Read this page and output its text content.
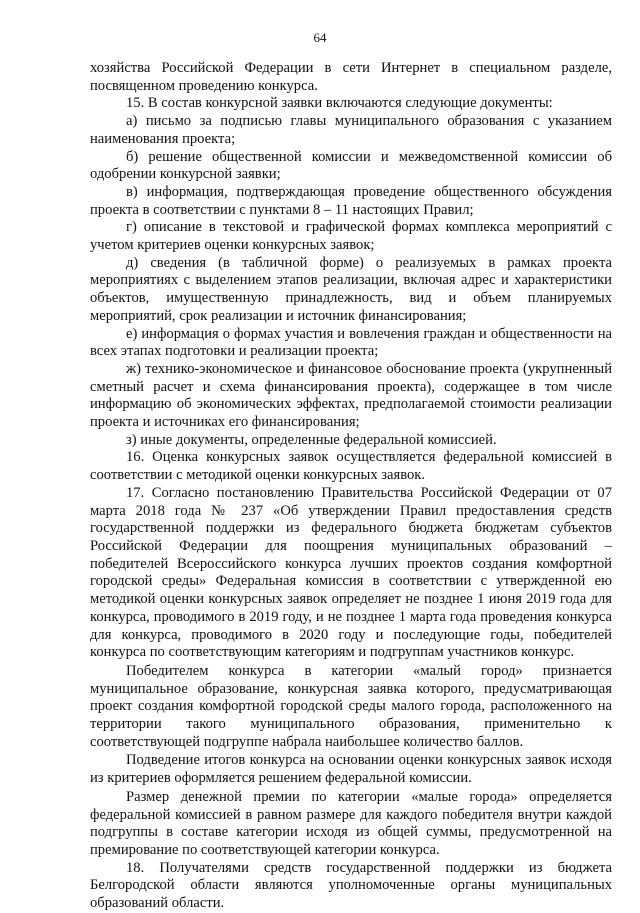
64

хозяйства Российской Федерации в сети Интернет в специальном разделе, посвященном проведению конкурса.

15. В состав конкурсной заявки включаются следующие документы:

а) письмо за подписью главы муниципального образования с указанием наименования проекта;

б) решение общественной комиссии и межведомственной комиссии об одобрении конкурсной заявки;

в) информация, подтверждающая проведение общественного обсуждения проекта в соответствии с пунктами 8 – 11 настоящих Правил;

г) описание в текстовой и графической формах комплекса мероприятий с учетом критериев оценки конкурсных заявок;

д) сведения (в табличной форме) о реализуемых в рамках проекта мероприятиях с выделением этапов реализации, включая адрес и характеристики объектов, имущественную принадлежность, вид и объем планируемых мероприятий, срок реализации и источник финансирования;

е) информация о формах участия и вовлечения граждан и общественности на всех этапах подготовки и реализации проекта;

ж) технико-экономическое и финансовое обоснование проекта (укрупненный сметный расчет и схема финансирования проекта), содержащее в том числе информацию об экономических эффектах, предполагаемой стоимости реализации проекта и источниках его финансирования;

з) иные документы, определенные федеральной комиссией.

16. Оценка конкурсных заявок осуществляется федеральной комиссией в соответствии с методикой оценки конкурсных заявок.

17. Согласно постановлению Правительства Российской Федерации от 07 марта 2018 года № 237 «Об утверждении Правил предоставления средств государственной поддержки из федерального бюджета бюджетам субъектов Российской Федерации для поощрения муниципальных образований – победителей Всероссийского конкурса лучших проектов создания комфортной городской среды» Федеральная комиссия в соответствии с утвержденной ею методикой оценки конкурсных заявок определяет не позднее 1 июня 2019 года для конкурса, проводимого в 2019 году, и не позднее 1 марта года проведения конкурса для конкурса, проводимого в 2020 году и последующие годы, победителей конкурса по соответствующим категориям и подгруппам участников конкурс.

Победителем конкурса в категории «малый город» признается муниципальное образование, конкурсная заявка которого, предусматривающая проект создания комфортной городской среды малого города, расположенного на территории такого муниципального образования, применительно к соответствующей подгруппе набрала наибольшее количество баллов.

Подведение итогов конкурса на основании оценки конкурсных заявок исходя из критериев оформляется решением федеральной комиссии.

Размер денежной премии по категории «малые города» определяется федеральной комиссией в равном размере для каждого победителя внутри каждой подгруппы в составе категории исходя из общей суммы, предусмотренной на премирование по соответствующей категории конкурса.

18. Получателями средств государственной поддержки из бюджета Белгородской области являются уполномоченные органы муниципальных образований области.
